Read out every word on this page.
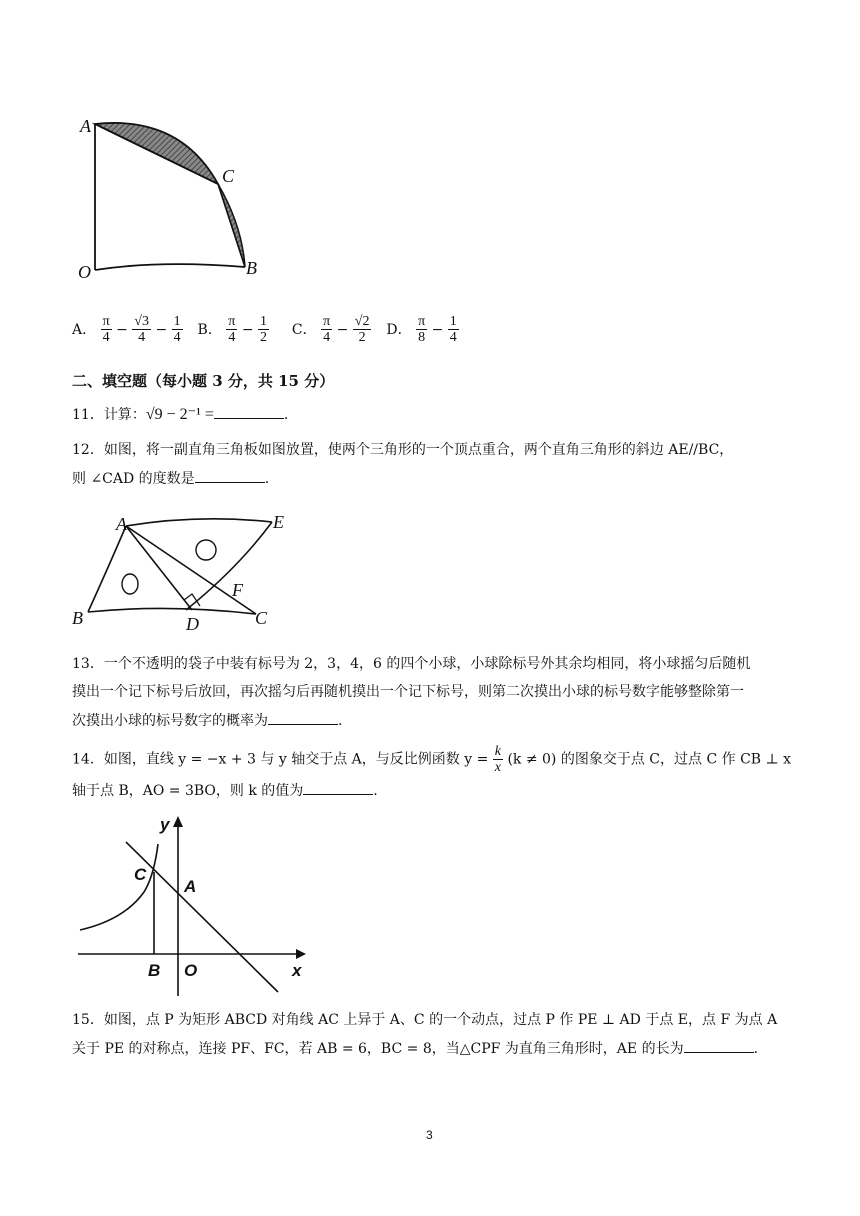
A
C
O	B
A． $\frac{\pi}{4} - \frac{√3}{4} - \frac{1}{4}$ B． $\frac{\pi}{4} - \frac{1}{2}$ C． $\frac{\pi}{4} - \frac{√2}{2}$ D． $\frac{\pi}{8} - \frac{1}{4}$
二、填空题（每小题 3 分，共 15 分）
11．计算：√9 − 2⁻¹ =	.
12．如图，将一副直角三角板如图放置，使两个三角形的一个顶点重合，两个直角三角形的斜边 AE//BC，
则 ∠CAD 的度数是	.
A	E
B	D
F
C
13．一个不透明的袋子中装有标号为 2，3，4，6 的四个小球，小球除标号外其余均相同，将小球摇匀后随机
摸出一个记下标号后放回，再次摇匀后再随机摸出一个记下标号，则第二次摸出小球的标号数字能够整除第一
次摸出小球的标号数字的概率为	.
14．如图，直线 y = −x + 3 与 y 轴交于点 A，与反比例函数 $y = \frac{k}{x} (k \ne 0)$ 的图象交于点 C，过点 C 作 CB ⊥ x
轴于点 B，AO = 3BO，则 k 的值为	.
y
C
A
B O	x
15．如图，点 P 为矩形 ABCD 对角线 AC 上异于 A、C 的一个动点，过点 P 作 PE ⊥ AD 于点 E，点 F 为点 A
关于 PE 的对称点，连接 PF、FC，若 AB = 6，BC = 8，当△CPF 为直角三角形时，AE 的长为	.
3
